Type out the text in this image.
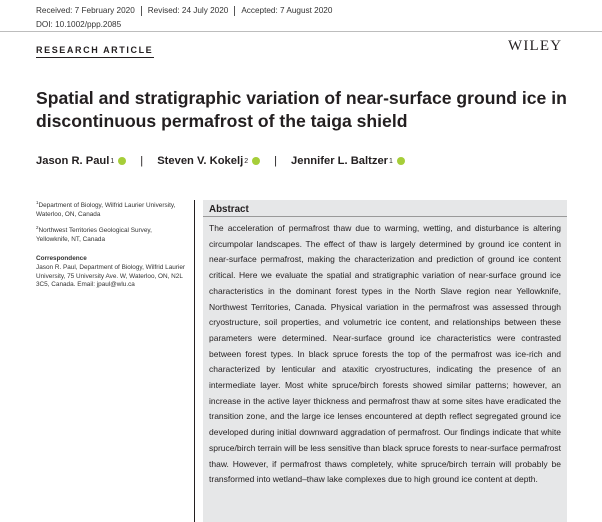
Received: 7 February 2020	Revised: 24 July 2020	Accepted: 7 August 2020
DOI: 10.1002/ppp.2085
RESEARCH ARTICLE	WILEY
Spatial and stratigraphic variation of near-surface ground ice in discontinuous permafrost of the taiga shield
Jason R. Paul 1 | Steven V. Kokelj 2 | Jennifer L. Baltzer 1
$^1$Department of Biology, Wilfrid Laurier University, Waterloo, ON, Canada
$^2$Northwest Territories Geological Survey, Yellowknife, NT, Canada
Correspondence
Jason R. Paul, Department of Biology, Wilfrid Laurier University, 75 University Ave. W, Waterloo, ON, N2L 3C5, Canada. Email: jpaul@wlu.ca
Abstract

The acceleration of permafrost thaw due to warming, wetting, and disturbance is altering circumpolar landscapes. The effect of thaw is largely determined by ground ice content in near-surface permafrost, making the characterization and prediction of ground ice content critical. Here we evaluate the spatial and stratigraphic variation of near-surface ground ice characteristics in the dominant forest types in the North Slave region near Yellowknife, Northwest Territories, Canada. Physical variation in the permafrost was assessed through cryostructure, soil properties, and volumetric ice content, and relationships between these parameters were determined. Near-surface ground ice characteristics were contrasted between forest types. In black spruce forests the top of the permafrost was ice-rich and characterized by lenticular and ataxitic cryostructures, indicating the presence of an intermediate layer. Most white spruce/birch forests showed similar patterns; however, an increase in the active layer thickness and permafrost thaw at some sites have eradicated the transition zone, and the large ice lenses encountered at depth reflect segregated ground ice developed during initial downward aggradation of permafrost. Our findings indicate that white spruce/birch terrain will be less sensitive than black spruce forests to near-surface permafrost thaw. However, if permafrost thaws completely, white spruce/birch terrain will probably be transformed into wetland–thaw lake complexes due to high ground ice content at depth.
